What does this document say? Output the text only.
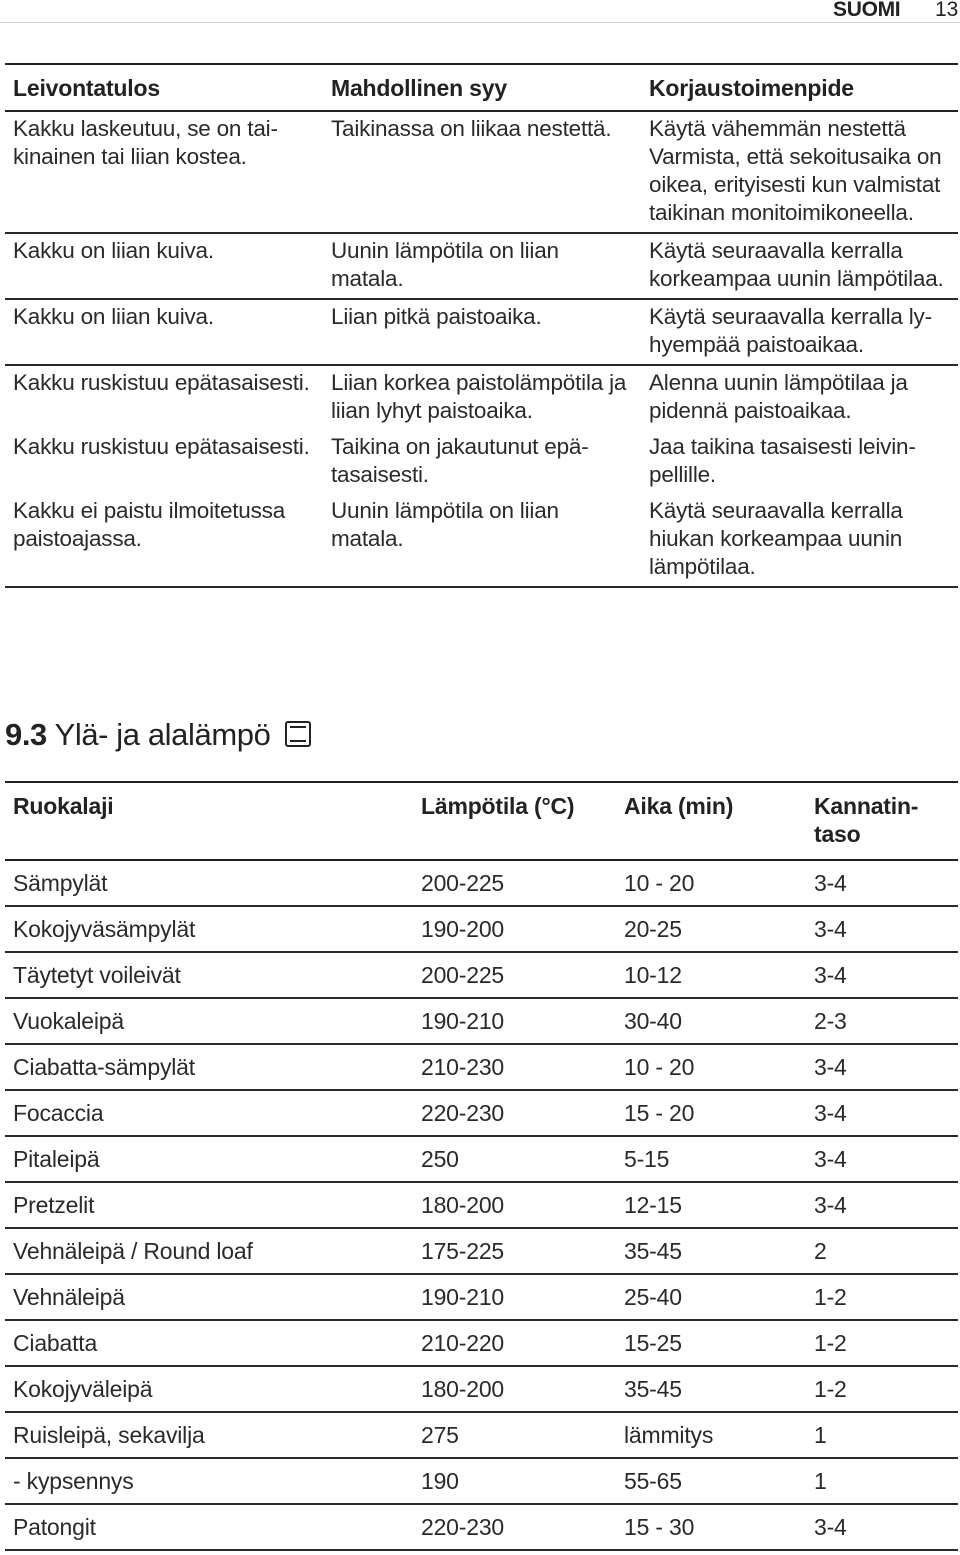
SUOMI 13
Leivontatulos	Mahdollinen syy	Korjaustoimenpide
Kakku laskeutuu, se on taikinainen tai liian kostea.	Taikinassa on liikaa nestettä.	Käytä vähemmän nestettä Varmista, että sekoitusaika on oikea, erityisesti kun valmistat taikinan monitoimikoneella.
Kakku on liian kuiva.	Uunin lämpötila on liian matala.	Käytä seuraavalla kerralla korkeampaa uunin lämpötilaa.
Kakku on liian kuiva.	Liian pitkä paistoaika.	Käytä seuraavalla kerralla lyhyempää paistoaikaa.
Kakku ruskistuu epätasaisesti.	Liian korkea paistolämpötila ja liian lyhyt paistoaika.	Alenna uunin lämpötilaa ja pidennä paistoaikaa.
Kakku ruskistuu epätasaisesti.	Taikina on jakautunut epätasaisesti.	Jaa taikina tasaisesti leivinpellille.
Kakku ei paistu ilmoitetussa paistoajassa.	Uunin lämpötila on liian matala.	Käytä seuraavalla kerralla hiukan korkeampaa uunin lämpötilaa.
9.3 Ylä- ja alalämpö
Ruokalaji	Lämpötila (°C)	Aika (min)	Kannatintaso
Sämpylät	200-225	10 - 20	3-4
Kokojyväsämpylät	190-200	20-25	3-4
Täytetyt voileivät	200-225	10-12	3-4
Vuokaleipä	190-210	30-40	2-3
Ciabatta-sämpylät	210-230	10 - 20	3-4
Focaccia	220-230	15 - 20	3-4
Pitaleipä	250	5-15	3-4
Pretzelit	180-200	12-15	3-4
Vehnäleipä / Round loaf	175-225	35-45	2
Vehnäleipä	190-210	25-40	1-2
Ciabatta	210-220	15-25	1-2
Kokojyväleipä	180-200	35-45	1-2
Ruisleipä, sekavilja	275	lämmitys	1
- kypsennys	190	55-65	1
Patongit	220-230	15 - 30	3-4
